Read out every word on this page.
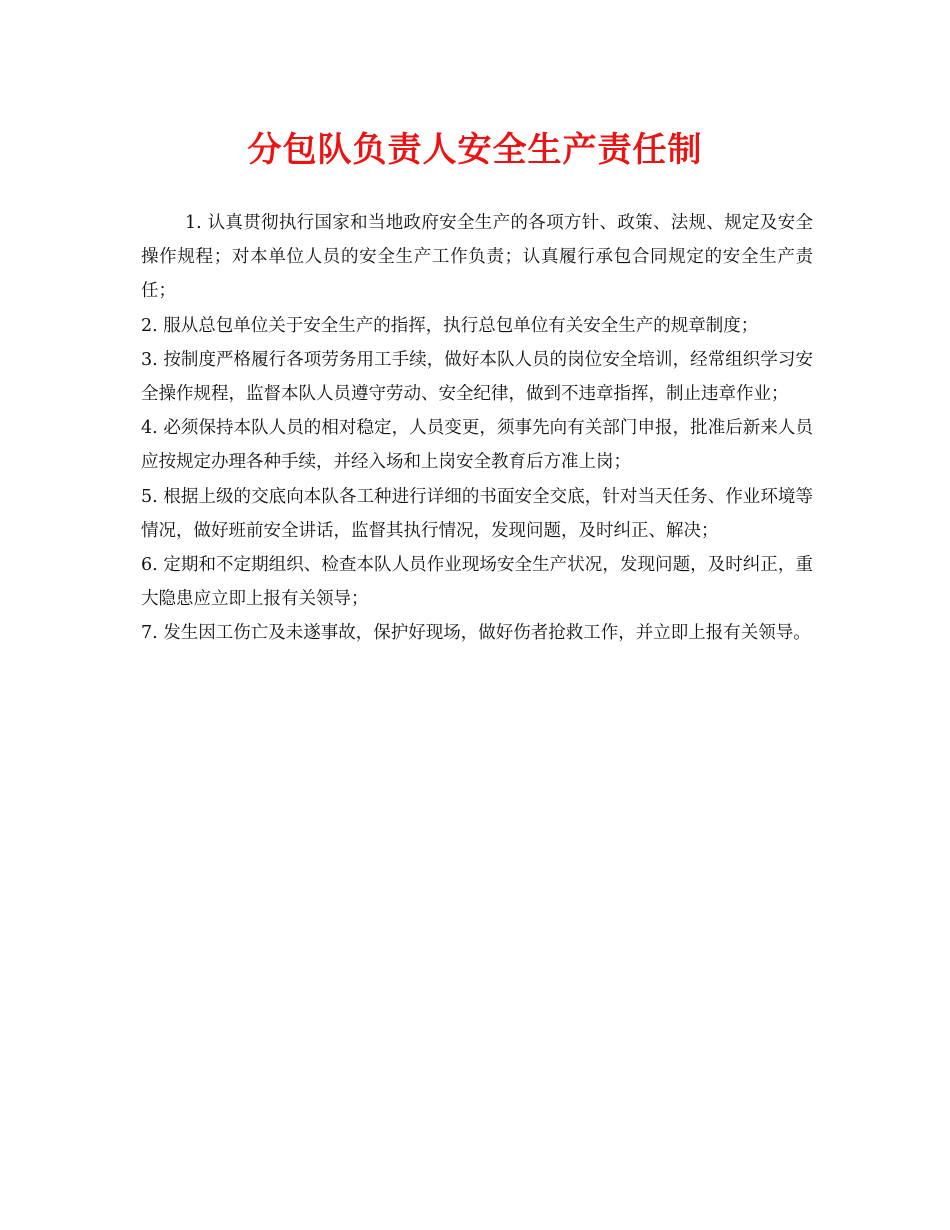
分包队负责人安全生产责任制

1. 认真贯彻执行国家和当地政府安全生产的各项方针、政策、法规、规定及安全操作规程；对本单位人员的安全生产工作负责；认真履行承包合同规定的安全生产责任；

2. 服从总包单位关于安全生产的指挥，执行总包单位有关安全生产的规章制度；

3. 按制度严格履行各项劳务用工手续，做好本队人员的岗位安全培训，经常组织学习安全操作规程，监督本队人员遵守劳动、安全纪律，做到不违章指挥，制止违章作业；

4. 必须保持本队人员的相对稳定，人员变更，须事先向有关部门申报，批准后新来人员应按规定办理各种手续，并经入场和上岗安全教育后方准上岗；

5. 根据上级的交底向本队各工种进行详细的书面安全交底，针对当天任务、作业环境等情况，做好班前安全讲话，监督其执行情况，发现问题，及时纠正、解决；

6. 定期和不定期组织、检查本队人员作业现场安全生产状况，发现问题，及时纠正，重大隐患应立即上报有关领导；

7. 发生因工伤亡及未遂事故，保护好现场，做好伤者抢救工作，并立即上报有关领导。
